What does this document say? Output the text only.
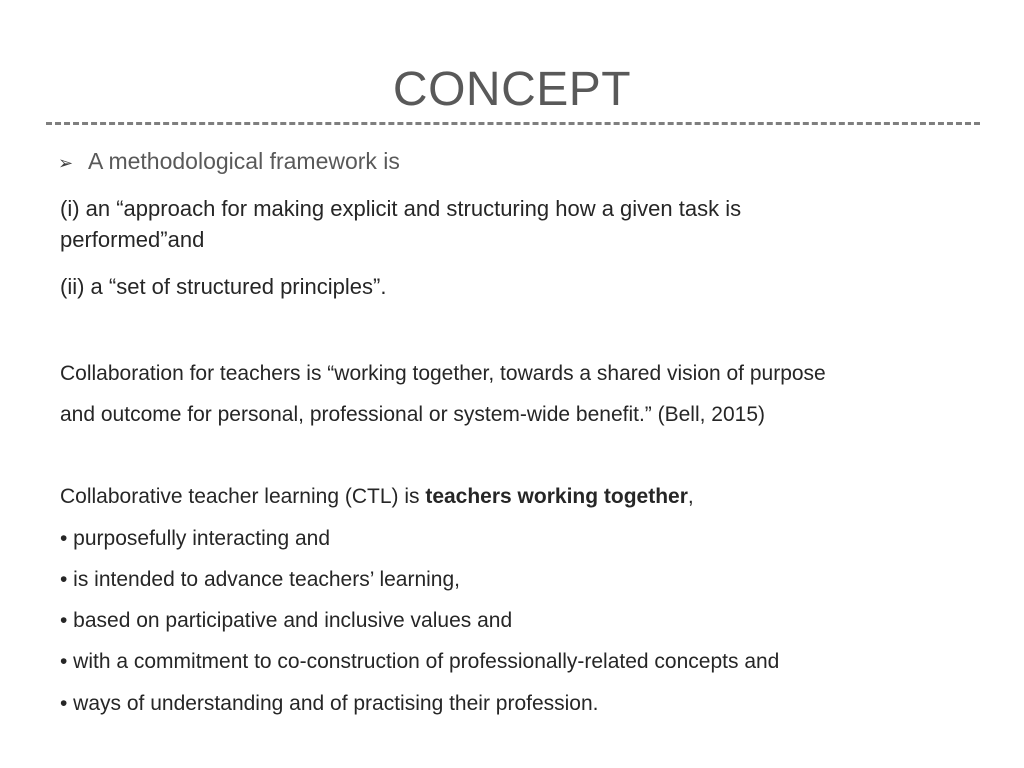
CONCEPT
➢ A methodological framework is
(i) an “approach for making explicit and structuring how a given task is performed”and
(ii) a “set of structured principles”.
Collaboration for teachers is “working together, towards a shared vision of purpose
and outcome for personal, professional or system-wide benefit.” (Bell, 2015)
Collaborative teacher learning (CTL) is teachers working together,
• purposefully interacting and
• is intended to advance teachers’ learning,
• based on participative and inclusive values and
• with a commitment to co-construction of professionally-related concepts and
• ways of understanding and of practising their profession.
